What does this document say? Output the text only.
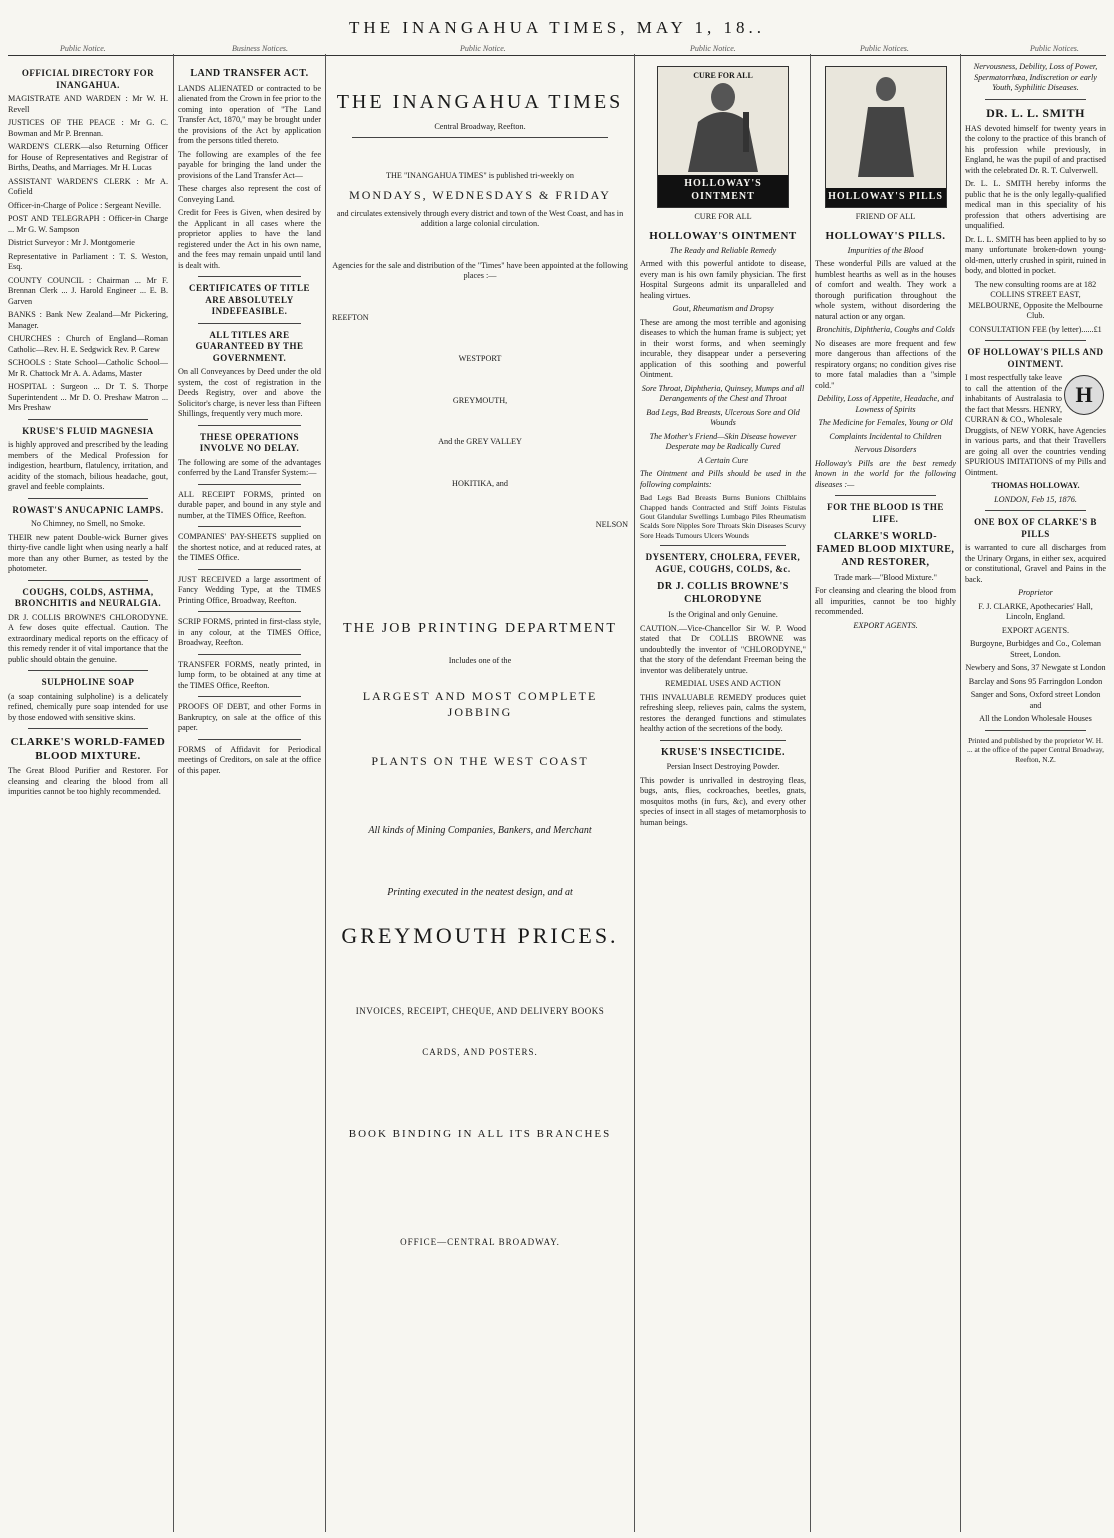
THE INANGAHUA TIMES, MAY 1, 18..
Public Notice.	Business Notices.	Public Notice.	Public Notice.	Public Notices.	Public Notices.
OFFICIAL DIRECTORY FOR INANGAHUA.

MAGISTRATE AND WARDEN : Mr W. H. Revell

JUSTICES OF THE PEACE : Mr G. C. Bowman and Mr P. Brennan.

WARDEN'S CLERK—also Returning Officer for House of Representatives and Registrar of Births, Deaths, and Marriages. Mr H. Lucas

ASSISTANT WARDEN'S CLERK : Mr A. Cofield

Officer-in-Charge of Police : Sergeant Neville.

POST AND TELEGRAPH : Officer-in Charge ... Mr G. W. Sampson

District Surveyor : Mr J. Montgomerie

Representative in Parliament : T. S. Weston, Esq.

COUNTY COUNCIL : Chairman ... Mr F. Brennan Clerk ... J. Harold Engineer ... E. B. Garven

BANKS : Bank New Zealand—Mr Pickering, Manager.

CHURCHES : Church of England—Roman Catholic—Rev. H. E. Sedgwick Rev. P. Carew

SCHOOLS : State School—Catholic School—Mr R. Chattock Mr A. A. Adams, Master

HOSPITAL : Surgeon ... Dr T. S. Thorpe Superintendent ... Mr D. O. Preshaw Matron ... Mrs Preshaw

KRUSE'S FLUID MAGNESIA

is highly approved and prescribed by the leading members of the Medical Profession for indigestion, heartburn, flatulency, irritation, and acidity of the stomach, bilious headache, gout, gravel and feeble complaints.

ROWAST'S ANUCAPNIC LAMPS.

No Chimney, no Smell, no Smoke.

THEIR new patent Double-wick Burner gives thirty-five candle light when using nearly a half more than any other Burner, as tested by the photometer.

COUGHS, COLDS, ASTHMA, BRONCHITIS and NEURALGIA.

DR J. COLLIS BROWNE'S CHLORODYNE. A few doses quite effectual. Caution. The extraordinary medical reports on the efficacy of this remedy render it of vital importance that the public should obtain the genuine.

SULPHOLINE SOAP

(a soap containing sulpholine) is a delicately refined, chemically pure soap intended for use by those endowed with sensitive skins.

CLARKE'S WORLD-FAMED BLOOD MIXTURE.

The Great Blood Purifier and Restorer. For cleansing and clearing the blood from all impurities cannot be too highly recommended.

LAND TRANSFER ACT.

LANDS ALIENATED or contracted to be alienated from the Crown in fee prior to the coming into operation of "The Land Transfer Act, 1870," may be brought under the provisions of the Act by application from the persons titled thereto.

The following are examples of the fee payable for bringing the land under the provisions of the Land Transfer Act—

These charges also represent the cost of Conveying Land.

Credit for Fees is Given, when desired by the Applicant in all cases where the proprietor applies to have the land registered under the Act in his own name, and the fees may remain unpaid until land is dealt with.

CERTIFICATES OF TITLE ARE ABSOLUTELY INDEFEASIBLE.
ALL TITLES ARE GUARANTEED BY THE GOVERNMENT.

On all Conveyances by Deed under the old system, the cost of registration in the Deeds Registry, over and above the Solicitor's charge, is never less than Fifteen Shillings, frequently very much more.

THESE OPERATIONS INVOLVE NO DELAY.

The following are some of the advantages conferred by the Land Transfer System:—

ALL RECEIPT FORMS, printed on durable paper, and bound in any style and number, at the TIMES Office, Reefton.

COMPANIES' PAY-SHEETS supplied on the shortest notice, and at reduced rates, at the TIMES Office.

JUST RECEIVED a large assortment of Fancy Wedding Type, at the TIMES Printing Office, Broadway, Reefton.

SCRIP FORMS, printed in first-class style, in any colour, at the TIMES Office, Broadway, Reefton.

TRANSFER FORMS, neatly printed, in lump form, to be obtained at any time at the TIMES Office, Reefton.

PROOFS OF DEBT, and other Forms in Bankruptcy, on sale at the office of this paper.

FORMS of Affidavit for Periodical meetings of Creditors, on sale at the office of this paper.

THE INANGAHUA TIMES

Central Broadway, Reefton.

THE "INANGAHUA TIMES" is published tri-weekly on

MONDAYS, WEDNESDAYS & FRIDAY

and circulates extensively through every district and town of the West Coast, and has in addition a large colonial circulation.

Agencies for the sale and distribution of the "Times" have been appointed at the following places :—

REEFTON

WESTPORT

GREYMOUTH,

And the GREY VALLEY

HOKITIKA, and

NELSON

THE JOB PRINTING DEPARTMENT

Includes one of the

LARGEST AND MOST COMPLETE JOBBING
PLANTS ON THE WEST COAST

All kinds of Mining Companies, Bankers, and Merchant

Printing executed in the neatest design, and at

GREYMOUTH PRICES.

INVOICES, RECEIPT, CHEQUE, AND DELIVERY BOOKS

CARDS, AND POSTERS.

BOOK BINDING IN ALL ITS BRANCHES

OFFICE—CENTRAL BROADWAY.

CURE FOR ALL
HOLLOWAY'S OINTMENT

CURE FOR ALL

HOLLOWAY'S OINTMENT

The Ready and Reliable Remedy

Armed with this powerful antidote to disease, every man is his own family physician. The first Hospital Surgeons admit its unparalleled and healing virtues.

Gout, Rheumatism and Dropsy

These are among the most terrible and agonising diseases to which the human frame is subject; yet in their worst forms, and when seemingly incurable, they disappear under a persevering application of this soothing and powerful Ointment.

Sore Throat, Diphtheria, Quinsey, Mumps and all Derangements of the Chest and Throat

Bad Legs, Bad Breasts, Ulcerous Sore and Old Wounds

The Mother's Friend—Skin Disease however Desperate may be Radically Cured

A Certain Cure

The Ointment and Pills should be used in the following complaints:

Bad Legs Bad Breasts Burns Bunions Chilblains Chapped hands Contracted and Stiff Joints Fistulas Gout Glandular Swellings Lumbago Piles Rheumatism Scalds Sore Nipples Sore Throats Skin Diseases Scurvy Sore Heads Tumours Ulcers Wounds

DYSENTERY, CHOLERA, FEVER, AGUE, COUGHS, COLDS, &c.
DR J. COLLIS BROWNE'S CHLORODYNE

Is the Original and only Genuine.

CAUTION.—Vice-Chancellor Sir W. P. Wood stated that Dr COLLIS BROWNE was undoubtedly the inventor of "CHLORODYNE," that the story of the defendant Freeman being the inventor was deliberately untrue.

REMEDIAL USES AND ACTION

THIS INVALUABLE REMEDY produces quiet refreshing sleep, relieves pain, calms the system, restores the deranged functions and stimulates healthy action of the secretions of the body.

KRUSE'S INSECTICIDE.

Persian Insect Destroying Powder.

This powder is unrivalled in destroying fleas, bugs, ants, flies, cockroaches, beetles, gnats, mosquitos moths (in furs, &c), and every other species of insect in all stages of metamorphosis to human beings.

HOLLOWAY'S PILLS

FRIEND OF ALL

HOLLOWAY'S PILLS.

Impurities of the Blood

These wonderful Pills are valued at the humblest hearths as well as in the houses of comfort and wealth. They work a thorough purification throughout the whole system, without disordering the natural action or any organ.

Bronchitis, Diphtheria, Coughs and Colds

No diseases are more frequent and few more dangerous than affections of the respiratory organs; no condition gives rise to more fatal maladies than a "simple cold."

Debility, Loss of Appetite, Headache, and Lowness of Spirits

The Medicine for Females, Young or Old

Complaints Incidental to Children

Nervous Disorders

Holloway's Pills are the best remedy known in the world for the following diseases :—

FOR THE BLOOD IS THE LIFE.
CLARKE'S WORLD-FAMED BLOOD MIXTURE, AND RESTORER,

Trade mark—"Blood Mixture."

For cleansing and clearing the blood from all impurities, cannot be too highly recommended.

EXPORT AGENTS.

Nervousness, Debility, Loss of Power, Spermatorrhœa, Indiscretion or early Youth, Syphilitic Diseases.

DR. L. L. SMITH

HAS devoted himself for twenty years in the colony to the practice of this branch of his profession while previously, in England, he was the pupil of and practised with the celebrated Dr. R. T. Culverwell.

Dr. L. L. SMITH hereby informs the public that he is the only legally-qualified medical man in this speciality of his profession that others advertising are unqualified.

Dr. L. L. SMITH has been applied to by so many unfortunate broken-down young-old-men, utterly crushed in spirit, ruined in body, and blotted in pocket.

The new consulting rooms are at 182 COLLINS STREET EAST, MELBOURNE, Opposite the Melbourne Club.

CONSULTATION FEE (by letter)......£1

OF HOLLOWAY'S PILLS AND OINTMENT.
H

I most respectfully take leave to call the attention of the inhabitants of Australasia to the fact that Messrs. HENRY, CURRAN & CO., Wholesale Druggists, of NEW YORK, have Agencies in various parts, and that their Travellers are going all over the countries vending SPURIOUS IMITATIONS of my Pills and Ointment.

THOMAS HOLLOWAY.

LONDON, Feb 15, 1876.

ONE BOX OF CLARKE'S B PILLS

is warranted to cure all discharges from the Urinary Organs, in either sex, acquired or constitutional, Gravel and Pains in the back.

Proprietor

F. J. CLARKE, Apothecaries' Hall, Lincoln, England.

EXPORT AGENTS.

Burgoyne, Burbidges and Co., Coleman Street, London.

Newbery and Sons, 37 Newgate st London

Barclay and Sons 95 Farringdon London

Sanger and Sons, Oxford street London and

All the London Wholesale Houses

Printed and published by the proprietor W. H. ... at the office of the paper Central Broadway, Reefton, N.Z.
